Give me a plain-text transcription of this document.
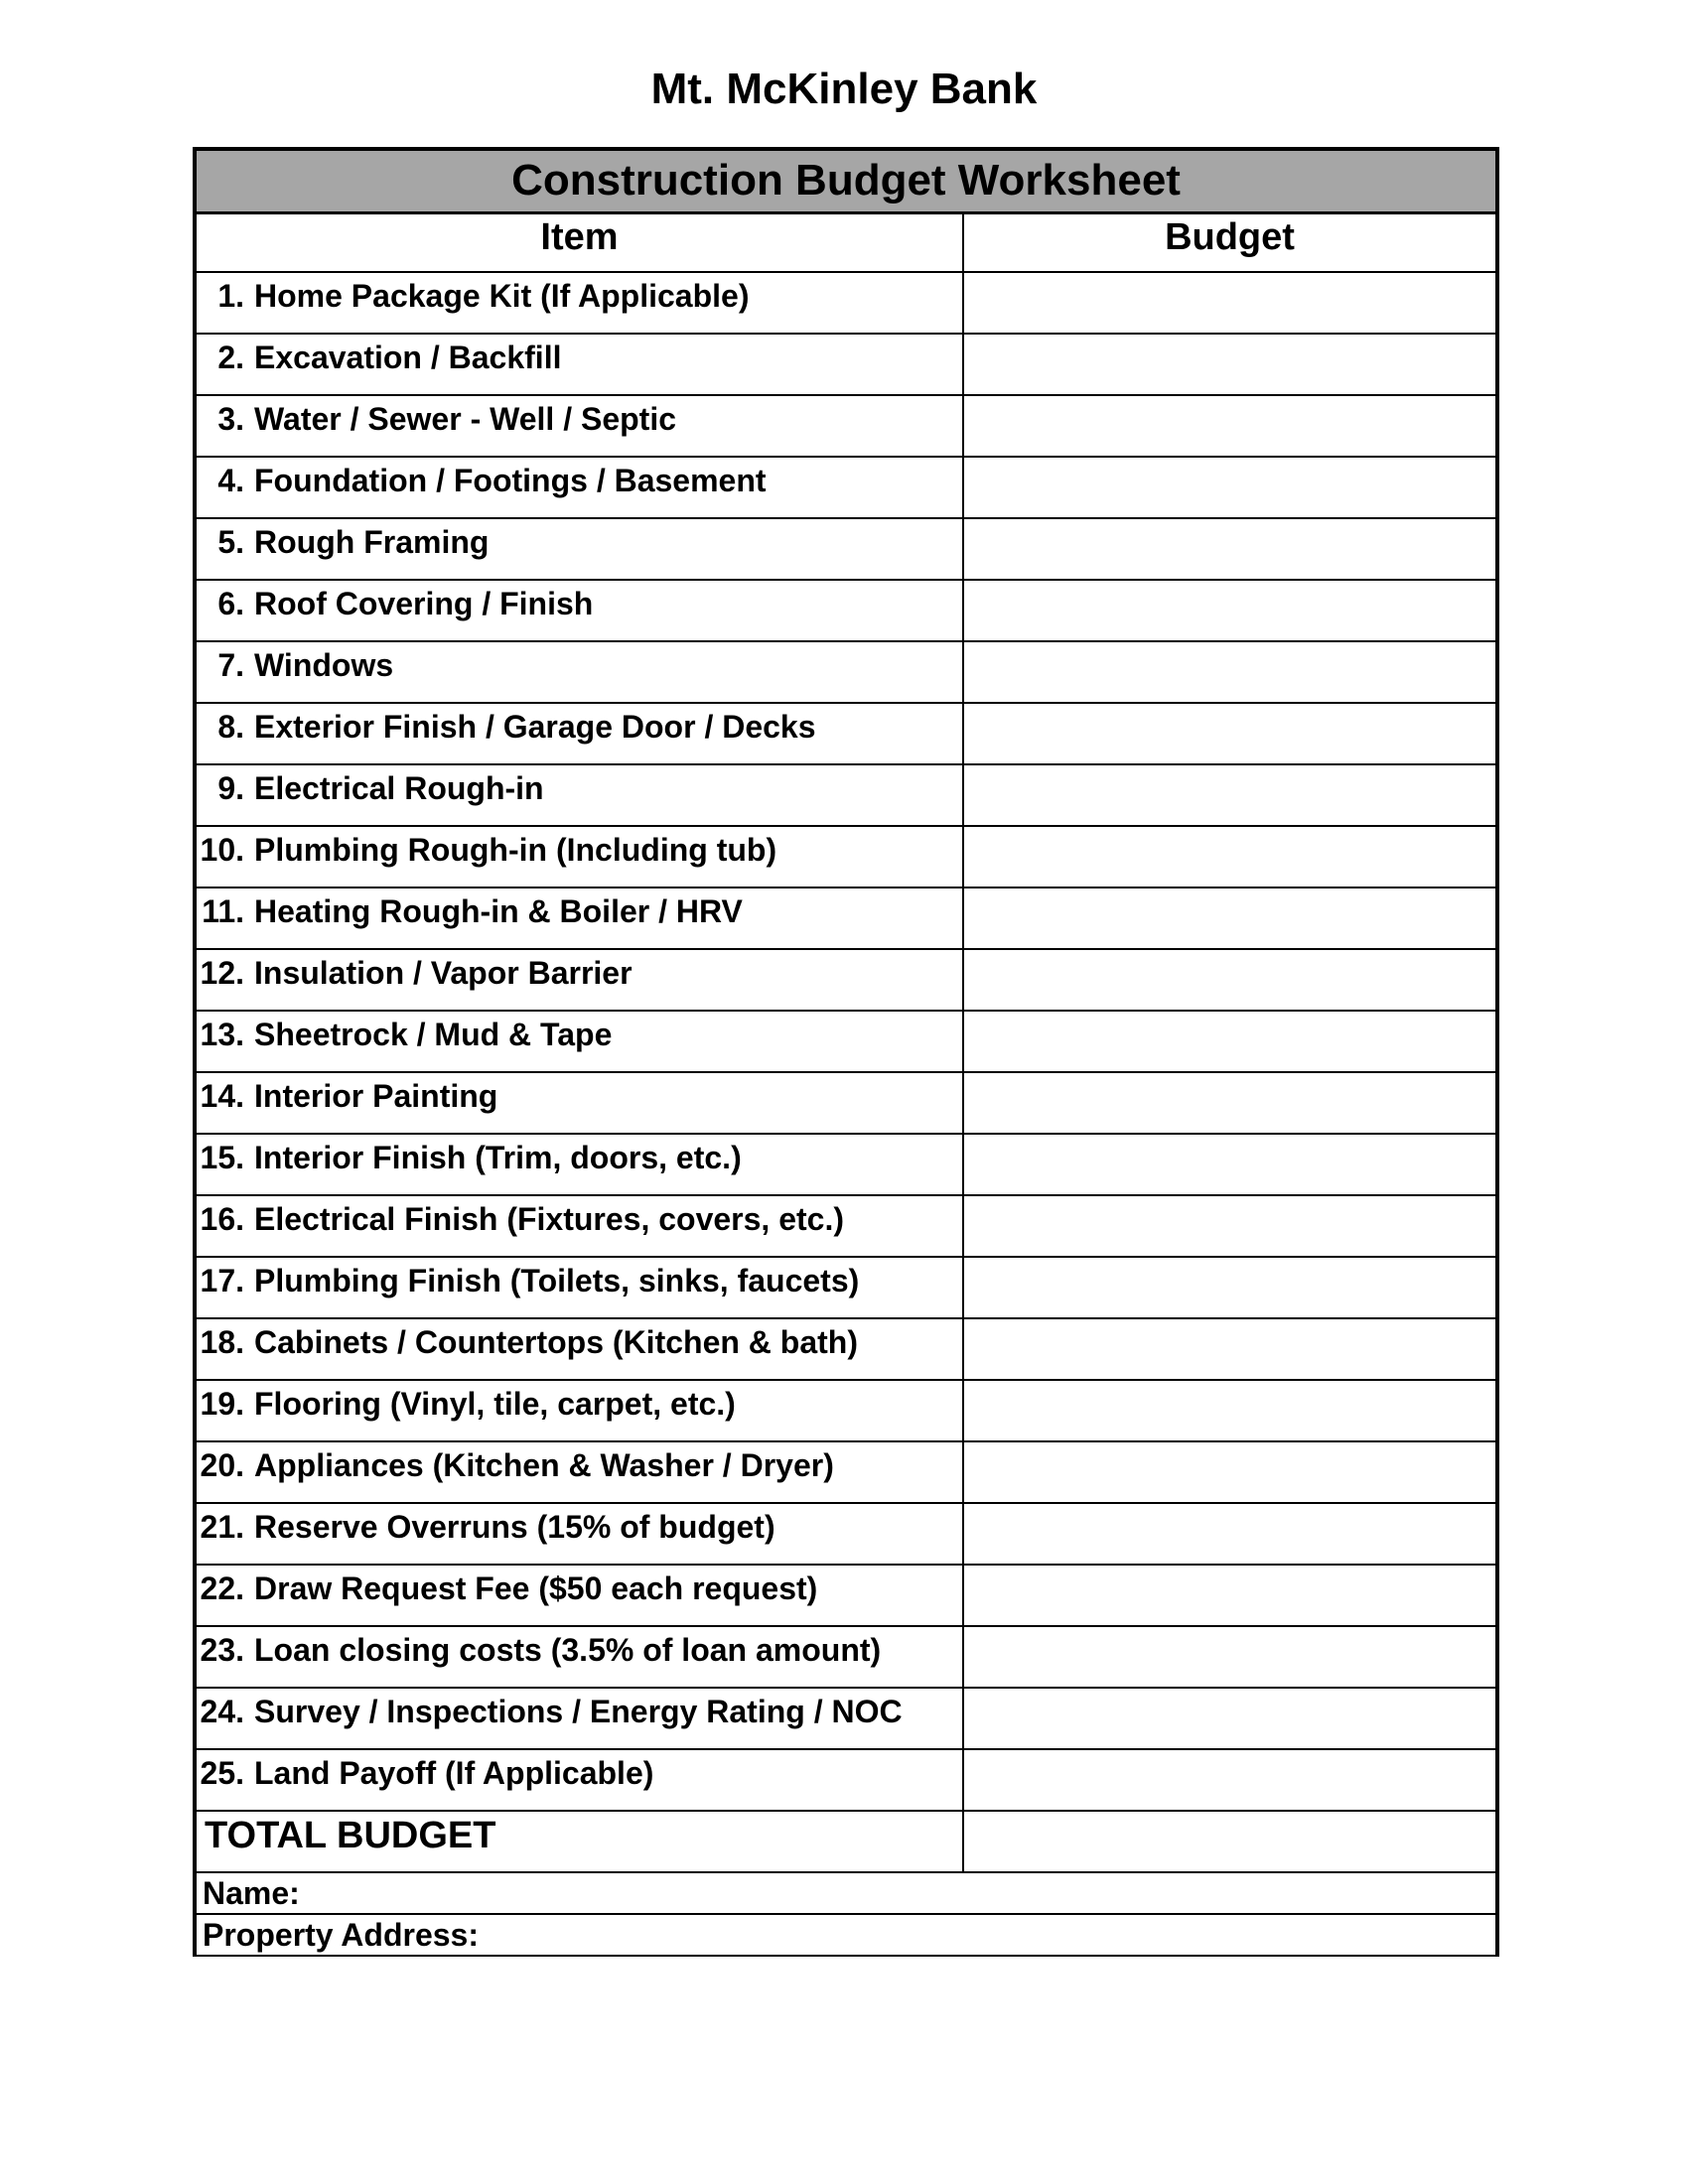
Mt. McKinley Bank
Construction Budget Worksheet	
Item	Budget
1. Home Package Kit (If Applicable)	
2. Excavation / Backfill	
3. Water / Sewer - Well / Septic	
4. Foundation / Footings / Basement	
5. Rough Framing	
6. Roof Covering / Finish	
7. Windows	
8. Exterior Finish / Garage Door / Decks	
9. Electrical Rough-in	
10. Plumbing Rough-in (Including tub)	
11. Heating Rough-in & Boiler / HRV	
12. Insulation / Vapor Barrier	
13. Sheetrock / Mud & Tape	
14. Interior Painting	
15. Interior Finish (Trim, doors, etc.)	
16. Electrical Finish (Fixtures, covers, etc.)	
17. Plumbing Finish (Toilets, sinks, faucets)	
18. Cabinets / Countertops (Kitchen & bath)	
19. Flooring (Vinyl, tile, carpet, etc.)	
20. Appliances (Kitchen & Washer / Dryer)	
21. Reserve Overruns (15% of budget)	
22. Draw Request Fee ($50 each request)	
23. Loan closing costs (3.5% of loan amount)	
24. Survey / Inspections / Energy Rating / NOC	
25. Land Payoff (If Applicable)	
TOTAL BUDGET	
Name:	
Property Address:	
